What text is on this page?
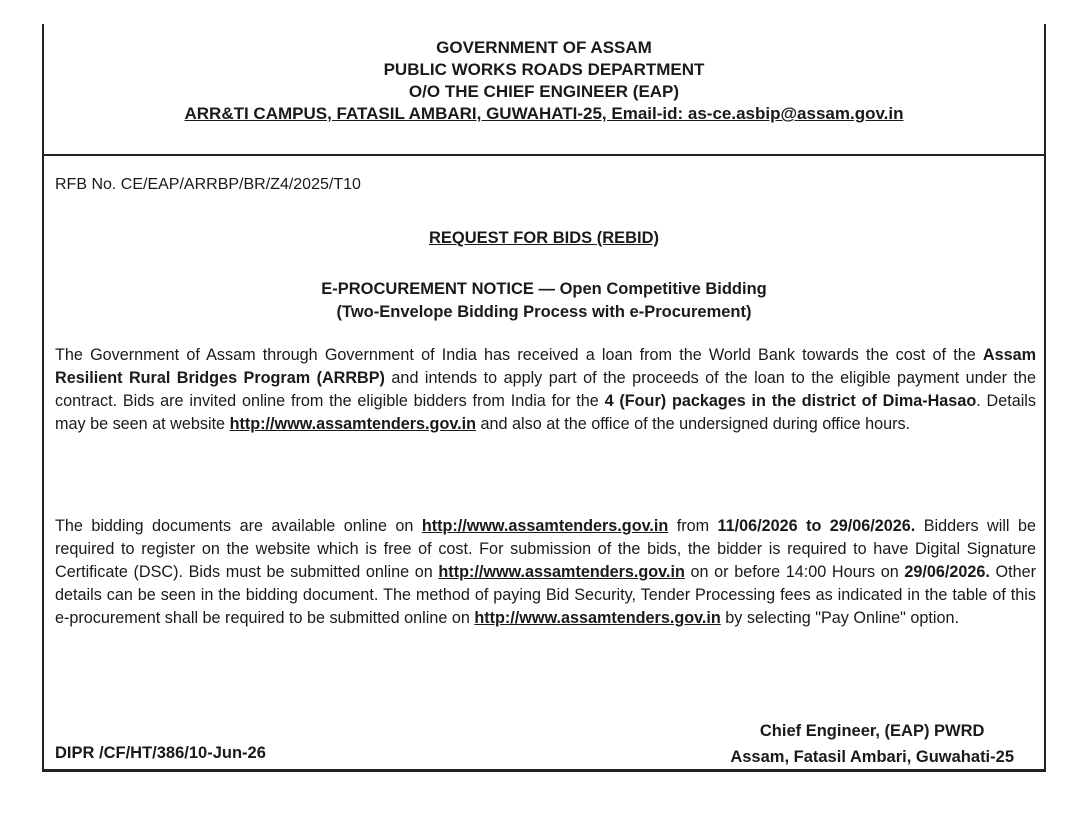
GOVERNMENT OF ASSAM
PUBLIC WORKS ROADS DEPARTMENT
O/O THE CHIEF ENGINEER (EAP)
ARR&TI CAMPUS, FATASIL AMBARI, GUWAHATI-25, Email-id: as-ce.asbip@assam.gov.in
RFB No. CE/EAP/ARRBP/BR/Z4/2025/T10
REQUEST FOR BIDS (REBID)
E-PROCUREMENT NOTICE — Open Competitive Bidding
(Two-Envelope Bidding Process with e-Procurement)
The Government of Assam through Government of India has received a loan from the World Bank towards the cost of the Assam Resilient Rural Bridges Program (ARRBP) and intends to apply part of the proceeds of the loan to the eligible payment under the contract. Bids are invited online from the eligible bidders from India for the 4 (Four) packages in the district of Dima-Hasao. Details may be seen at website http://www.assamtenders.gov.in and also at the office of the undersigned during office hours.
The bidding documents are available online on http://www.assamtenders.gov.in from 11/06/2026 to 29/06/2026. Bidders will be required to register on the website which is free of cost. For submission of the bids, the bidder is required to have Digital Signature Certificate (DSC). Bids must be submitted online on http://www.assamtenders.gov.in on or before 14:00 Hours on 29/06/2026. Other details can be seen in the bidding document. The method of paying Bid Security, Tender Processing fees as indicated in the table of this e-procurement shall be required to be submitted online on http://www.assamtenders.gov.in by selecting "Pay Online" option.
DIPR /CF/HT/386/10-Jun-26
Chief Engineer, (EAP) PWRD
Assam, Fatasil Ambari, Guwahati-25
